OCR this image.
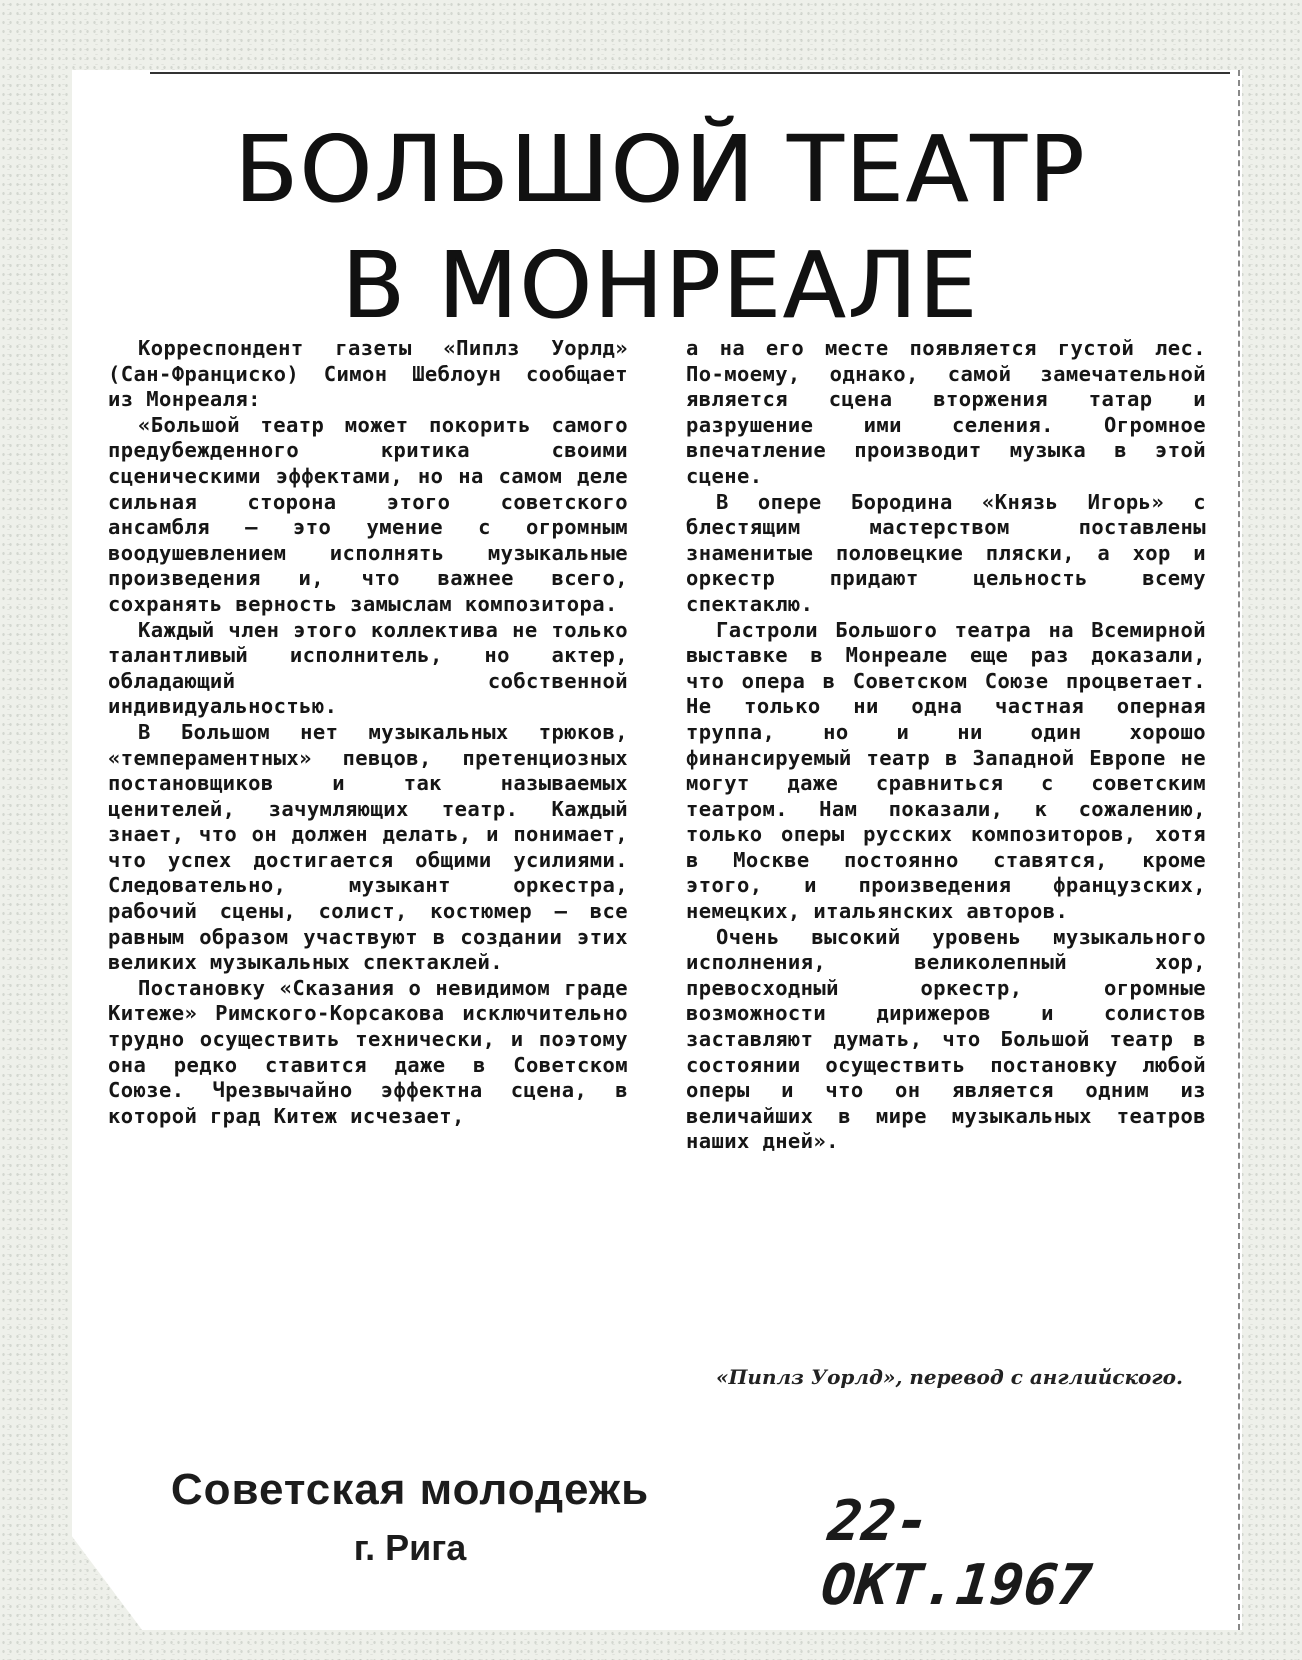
БОЛЬШОЙ ТЕАТР
В МОНРЕАЛЕ

Корреспондент газеты «Пиплз Уорлд» (Сан-Франциско) Симон Шеблоун сообщает из Монреаля:

«Большой театр может покорить самого предубежденного критика своими сценическими эффектами, но на самом деле сильная сторона этого советского ансамбля — это умение с огромным воодушевлением исполнять музыкальные произведения и, что важнее всего, сохранять верность замыслам композитора.

Каждый член этого коллектива не только талантливый исполнитель, но актер, обладающий собственной индивидуальностью.

В Большом нет музыкальных трюков, «темпераментных» певцов, претенциозных постановщиков и так называемых ценителей, зачумляющих театр. Каждый знает, что он должен делать, и понимает, что успех достигается общими усилиями. Следовательно, музыкант оркестра, рабочий сцены, солист, костюмер — все равным образом участвуют в создании этих великих музыкальных спектаклей.

Постановку «Сказания о невидимом граде Китеже» Римского-Корсакова исключительно трудно осуществить технически, и поэтому она редко ставится даже в Советском Союзе. Чрезвычайно эффектна сцена, в которой град Китеж исчезает,

а на его месте появляется густой лес. По-моему, однако, самой замечательной является сцена вторжения татар и разрушение ими селения. Огромное впечатление производит музыка в этой сцене.

В опере Бородина «Князь Игорь» с блестящим мастерством поставлены знаменитые половецкие пляски, а хор и оркестр придают цельность всему спектаклю.

Гастроли Большого театра на Всемирной выставке в Монреале еще раз доказали, что опера в Советском Союзе процветает. Не только ни одна частная оперная труппа, но и ни один хорошо финансируемый театр в Западной Европе не могут даже сравниться с советским театром. Нам показали, к сожалению, только оперы русских композиторов, хотя в Москве постоянно ставятся, кроме этого, и произведения французских, немецких, итальянских авторов.

Очень высокий уровень музыкального исполнения, великолепный хор, превосходный оркестр, огромные возможности дирижеров и солистов заставляют думать, что Большой театр в состоянии осуществить постановку любой оперы и что он является одним из величайших в мире музыкальных театров наших дней».

«Пиплз Уорлд», перевод с английского.

Советская молодежь
г. Рига	22-ОКТ.1967
